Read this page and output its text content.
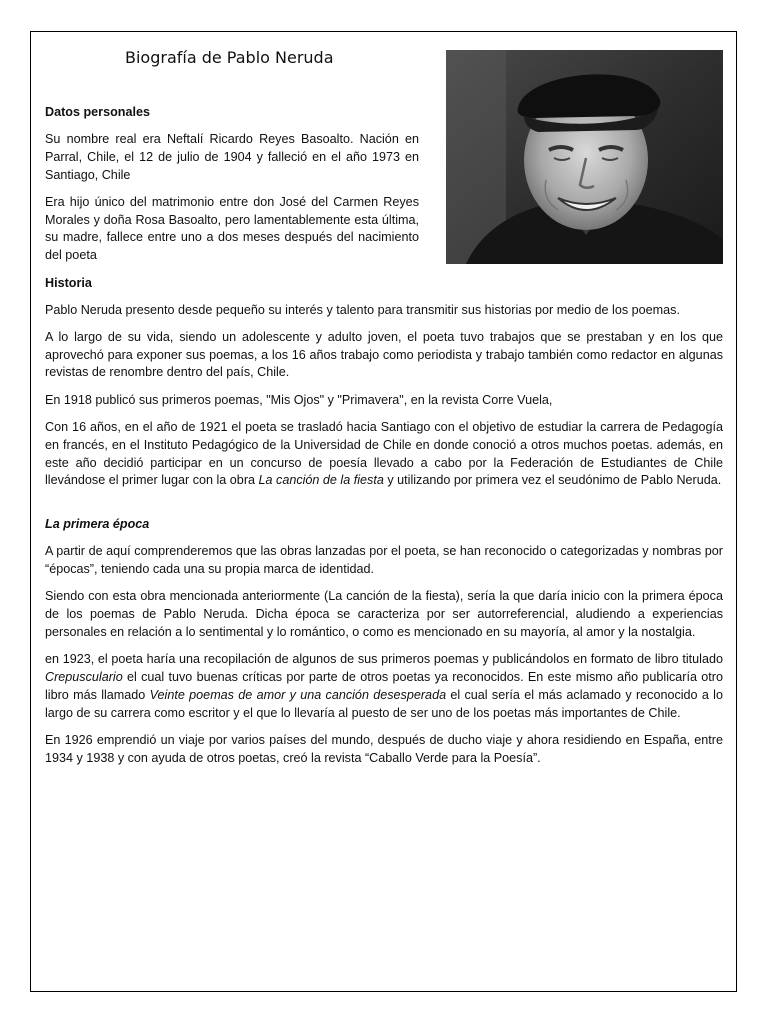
Biografía de Pablo Neruda
Datos personales

Su nombre real era Neftalí Ricardo Reyes Basoalto. Nación en Parral, Chile, el 12 de julio de 1904 y falleció en el año 1973 en Santiago, Chile

Era hijo único del matrimonio entre don José del Carmen Reyes Morales y doña Rosa Basoalto, pero lamentablemente esta última, su madre, fallece entre uno a dos meses después del nacimiento del poeta

Historia

Pablo Neruda presento desde pequeño su interés y talento para transmitir sus historias por medio de los poemas.

A lo largo de su vida, siendo un adolescente y adulto joven, el poeta tuvo trabajos que se prestaban y en los que aprovechó para exponer sus poemas, a los 16 años trabajo como periodista y trabajo también como redactor en algunas revistas de renombre dentro del país, Chile.

En 1918 publicó sus primeros poemas, "Mis Ojos" y "Primavera", en la revista Corre Vuela,

Con 16 años, en el año de 1921 el poeta se trasladó hacia Santiago con el objetivo de estudiar la carrera de Pedagogía en francés, en el Instituto Pedagógico de la Universidad de Chile en donde conoció a otros muchos poetas. además, en este año decidió participar en un concurso de poesía llevado a cabo por la Federación de Estudiantes de Chile llevándose el primer lugar con la obra La canción de la fiesta y utilizando por primera vez el seudónimo de Pablo Neruda.

La primera época

A partir de aquí comprenderemos que las obras lanzadas por el poeta, se han reconocido o categorizadas y nombras por “épocas”, teniendo cada una su propia marca de identidad.

Siendo con esta obra mencionada anteriormente (La canción de la fiesta), sería la que daría inicio con la primera época de los poemas de Pablo Neruda. Dicha época se caracteriza por ser autorreferencial, aludiendo a experiencias personales en relación a lo sentimental y lo romántico, o como es mencionado en su mayoría, al amor y la nostalgia.

en 1923, el poeta haría una recopilación de algunos de sus primeros poemas y publicándolos en formato de libro titulado Crepusculario el cual tuvo buenas críticas por parte de otros poetas ya reconocidos. En este mismo año publicaría otro libro más llamado Veinte poemas de amor y una canción desesperada el cual sería el más aclamado y reconocido a lo largo de su carrera como escritor y el que lo llevaría al puesto de ser uno de los poetas más importantes de Chile.

En 1926 emprendió un viaje por varios países del mundo, después de ducho viaje y ahora residiendo en España, entre 1934 y 1938 y con ayuda de otros poetas, creó la revista “Caballo Verde para la Poesía”.
